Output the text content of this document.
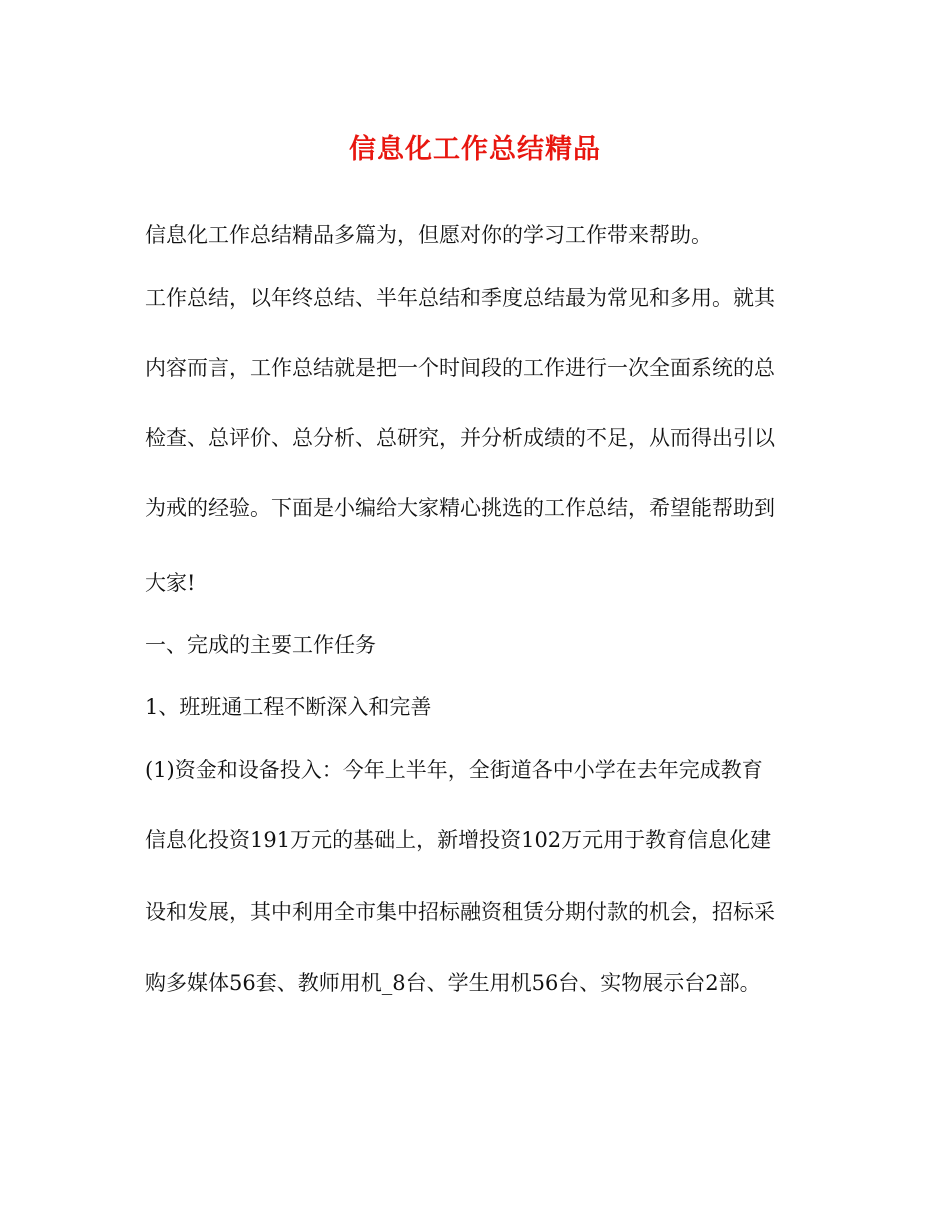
信息化工作总结精品
信息化工作总结精品多篇为，但愿对你的学习工作带来帮助。
工作总结，以年终总结、半年总结和季度总结最为常见和多用。就其
内容而言，工作总结就是把一个时间段的工作进行一次全面系统的总
检查、总评价、总分析、总研究，并分析成绩的不足，从而得出引以
为戒的经验。下面是小编给大家精心挑选的工作总结，希望能帮助到
大家!
一、完成的主要工作任务
1、班班通工程不断深入和完善
(1)资金和设备投入：今年上半年，全街道各中小学在去年完成教育
信息化投资191万元的基础上，新增投资102万元用于教育信息化建
设和发展，其中利用全市集中招标融资租赁分期付款的机会，招标采
购多媒体56套、教师用机_8台、学生用机56台、实物展示台2部。
